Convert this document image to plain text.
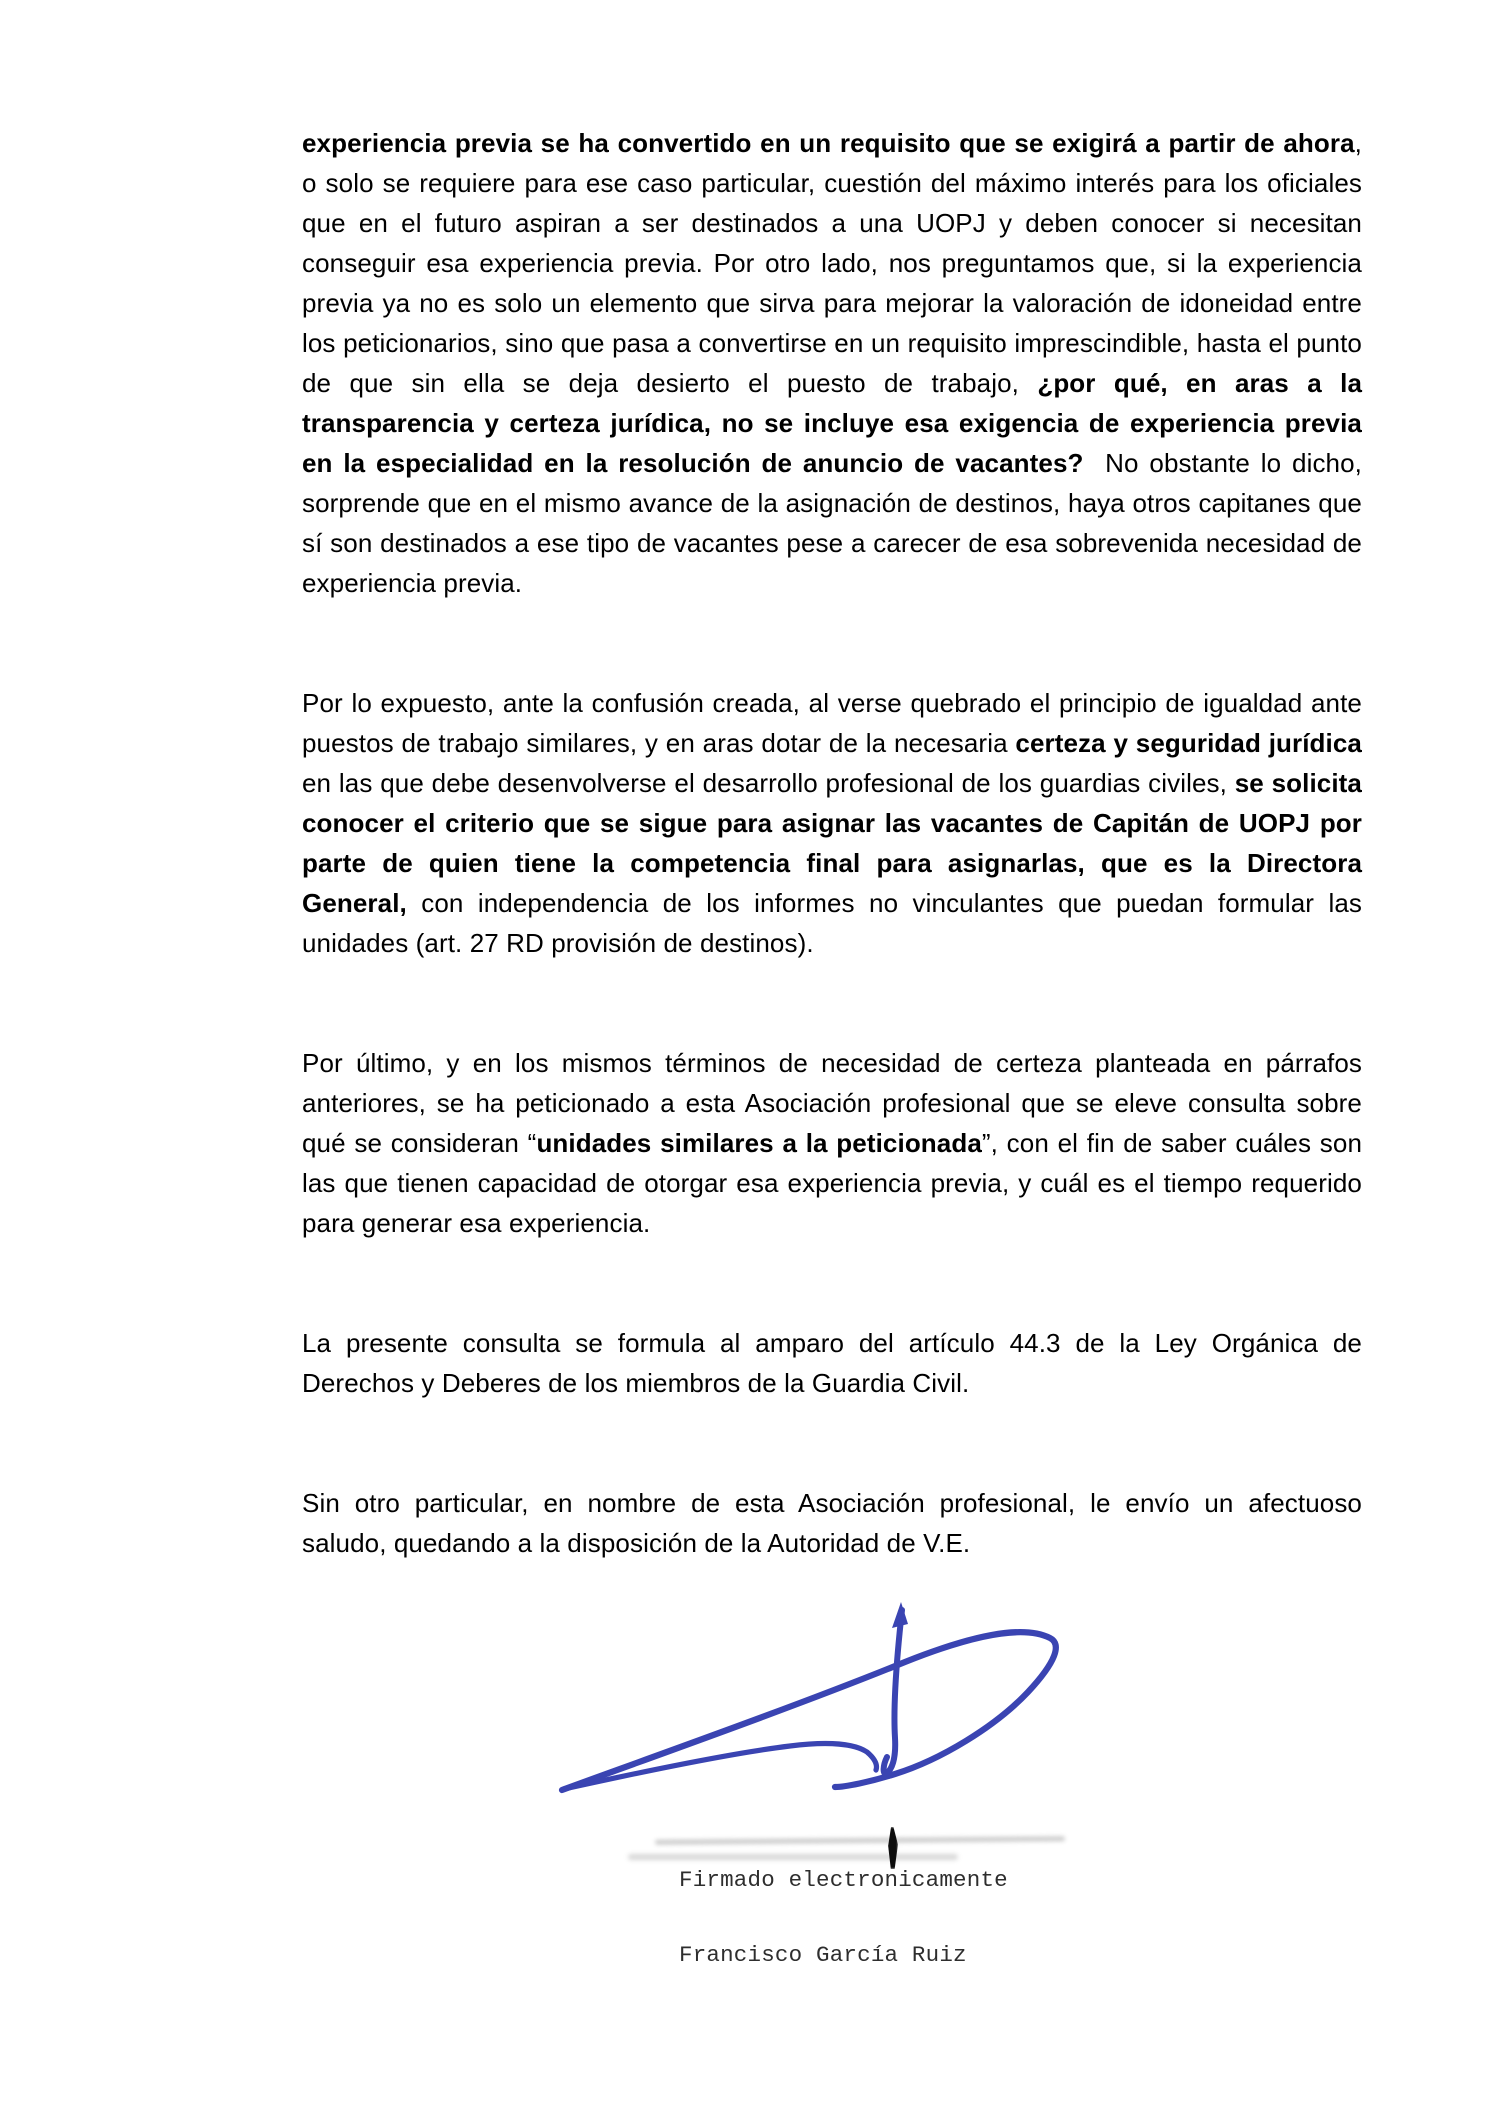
experiencia previa se ha convertido en un requisito que se exigirá a partir de ahora, o solo se requiere para ese caso particular, cuestión del máximo interés para los oficiales que en el futuro aspiran a ser destinados a una UOPJ y deben conocer si necesitan conseguir esa experiencia previa. Por otro lado, nos preguntamos que, si la experiencia previa ya no es solo un elemento que sirva para mejorar la valoración de idoneidad entre los peticionarios, sino que pasa a convertirse en un requisito imprescindible, hasta el punto de que sin ella se deja desierto el puesto de trabajo, ¿por qué, en aras a la transparencia y certeza jurídica, no se incluye esa exigencia de experiencia previa en la especialidad en la resolución de anuncio de vacantes?  No obstante lo dicho, sorprende que en el mismo avance de la asignación de destinos, haya otros capitanes que sí son destinados a ese tipo de vacantes pese a carecer de esa sobrevenida necesidad de experiencia previa.

Por lo expuesto, ante la confusión creada, al verse quebrado el principio de igualdad ante puestos de trabajo similares, y en aras dotar de la necesaria certeza y seguridad jurídica en las que debe desenvolverse el desarrollo profesional de los guardias civiles, se solicita conocer el criterio que se sigue para asignar las vacantes de Capitán de UOPJ por parte de quien tiene la competencia final para asignarlas, que es la Directora General, con independencia de los informes no vinculantes que puedan formular las unidades (art. 27 RD provisión de destinos).

Por último, y en los mismos términos de necesidad de certeza planteada en párrafos anteriores, se ha peticionado a esta Asociación profesional que se eleve consulta sobre qué se consideran “unidades similares a la peticionada”, con el fin de saber cuáles son las que tienen capacidad de otorgar esa experiencia previa, y cuál es el tiempo requerido para generar esa experiencia.

La presente consulta se formula al amparo del artículo 44.3 de la Ley Orgánica de Derechos y Deberes de los miembros de la Guardia Civil.

Sin otro particular, en nombre de esta Asociación profesional, le envío un afectuoso saludo, quedando a la disposición de la Autoridad de V.E.

Firmado electronicamente

Francisco García Ruiz
